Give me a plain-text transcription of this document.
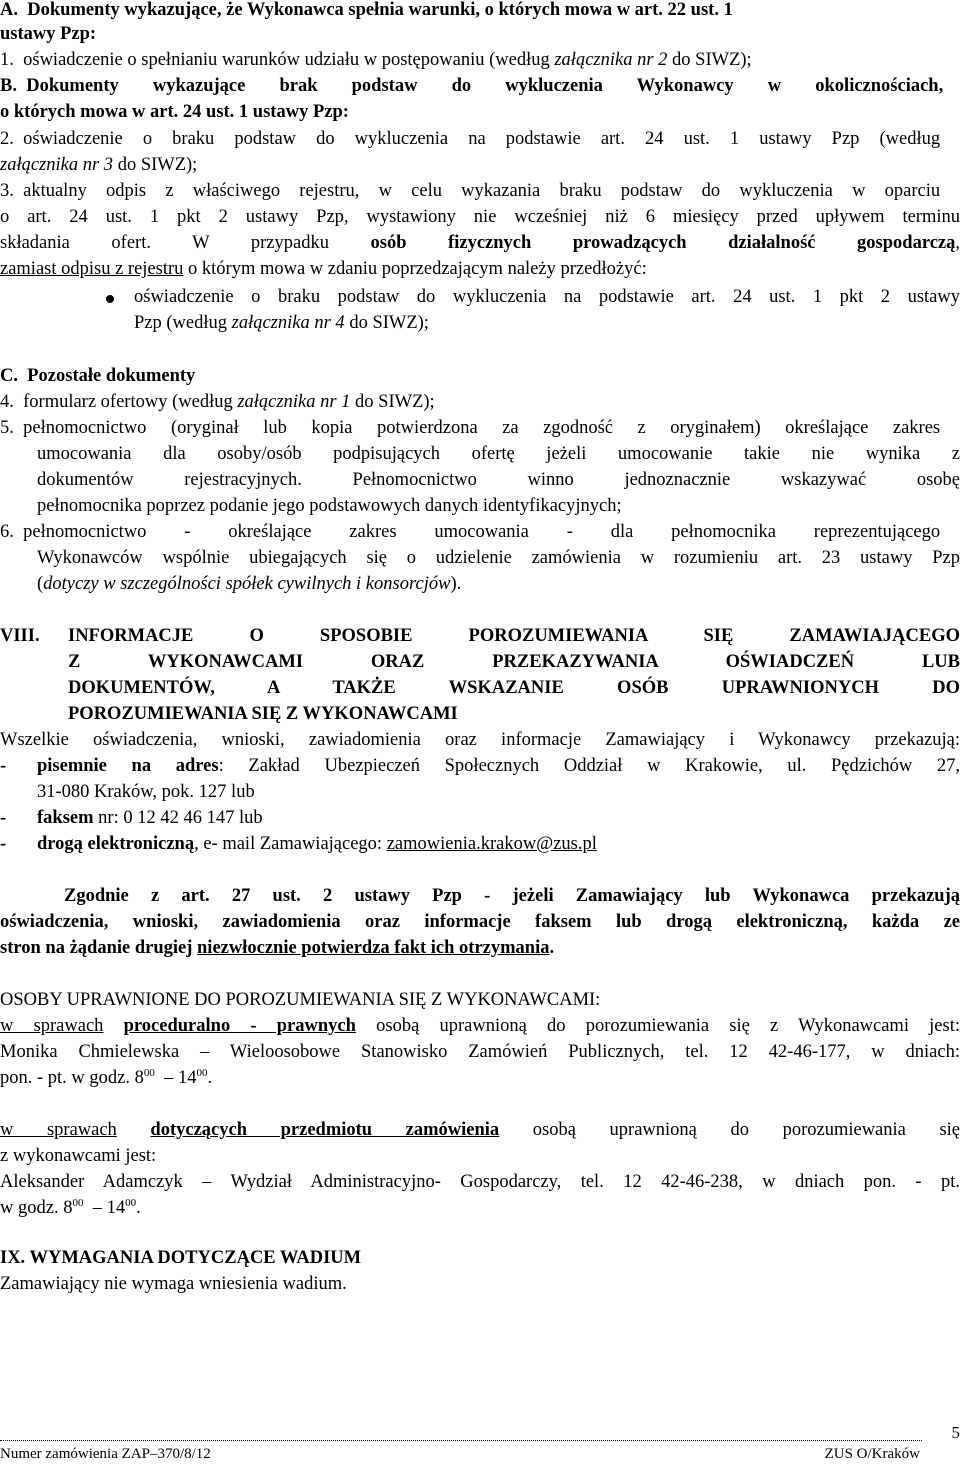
A. Dokumenty wykazujące, że Wykonawca spełnia warunki, o których mowa w art. 22 ust. 1
ustawy Pzp:
1. oświadczenie o spełnianiu warunków udziału w postępowaniu (według załącznika nr 2 do SIWZ);
B. Dokumenty wykazujące brak podstaw do wykluczenia Wykonawcy w okolicznościach,
o których mowa w art. 24 ust. 1 ustawy Pzp:
2. oświadczenie o braku podstaw do wykluczenia na podstawie art. 24 ust. 1 ustawy Pzp (według
załącznika nr 3 do SIWZ);
3. aktualny odpis z właściwego rejestru, w celu wykazania braku podstaw do wykluczenia w oparciu
o art. 24 ust. 1 pkt 2 ustawy Pzp, wystawiony nie wcześniej niż 6 miesięcy przed upływem terminu
składania ofert. W przypadku osób fizycznych prowadzących działalność gospodarczą,
zamiast odpisu z rejestru o którym mowa w zdaniu poprzedzającym należy przedłożyć:
oświadczenie o braku podstaw do wykluczenia na podstawie art. 24 ust. 1 pkt 2 ustawy
Pzp (według załącznika nr 4 do SIWZ);
C. Pozostałe dokumenty
4. formularz ofertowy (według załącznika nr 1 do SIWZ);
5. pełnomocnictwo (oryginał lub kopia potwierdzona za zgodność z oryginałem) określające zakres
umocowania dla osoby/osób podpisujących ofertę jeżeli umocowanie takie nie wynika z
dokumentów rejestracyjnych. Pełnomocnictwo winno jednoznacznie wskazywać osobę
pełnomocnika poprzez podanie jego podstawowych danych identyfikacyjnych;
6. pełnomocnictwo - określające zakres umocowania - dla pełnomocnika reprezentującego
Wykonawców wspólnie ubiegających się o udzielenie zamówienia w rozumieniu art. 23 ustawy Pzp
(dotyczy w szczególności spółek cywilnych i konsorcjów).
VIII.	INFORMACJE O SPOSOBIE POROZUMIEWANIA SIĘ ZAMAWIAJĄCEGO
Z WYKONAWCAMI ORAZ PRZEKAZYWANIA OŚWIADCZEŃ LUB
DOKUMENTÓW, A TAKŻE WSKAZANIE OSÓB UPRAWNIONYCH DO
POROZUMIEWANIA SIĘ Z WYKONAWCAMI
Wszelkie oświadczenia, wnioski, zawiadomienia oraz informacje Zamawiający i Wykonawcy przekazują:
-	pisemnie na adres: Zakład Ubezpieczeń Społecznych Oddział w Krakowie, ul. Pędzichów 27,
31-080 Kraków, pok. 127 lub
-	faksem nr: 0 12 42 46 147 lub
-	drogą elektroniczną, e- mail Zamawiającego: zamowienia.krakow@zus.pl
Zgodnie z art. 27 ust. 2 ustawy Pzp - jeżeli Zamawiający lub Wykonawca przekazują
oświadczenia, wnioski, zawiadomienia oraz informacje faksem lub drogą elektroniczną, każda ze
stron na żądanie drugiej niezwłocznie potwierdza fakt ich otrzymania.
OSOBY UPRAWNIONE DO POROZUMIEWANIA SIĘ Z WYKONAWCAMI:
w sprawach proceduralno - prawnych osobą uprawnioną do porozumiewania się z Wykonawcami jest:
Monika Chmielewska – Wieloosobowe Stanowisko Zamówień Publicznych, tel. 12 42-46-177, w dniach:
pon. - pt. w godz. $8^{00} - 14^{00}$.
w sprawach dotyczących przedmiotu zamówienia osobą uprawnioną do porozumiewania się
z wykonawcami jest:
Aleksander Adamczyk – Wydział Administracyjno- Gospodarczy, tel. 12 42-46-238, w dniach pon. - pt.
w godz. $8^{00} - 14^{00}$.
IX. WYMAGANIA DOTYCZĄCE WADIUM
Zamawiający nie wymaga wniesienia wadium.
5
Numer zamówienia ZAP–370/8/12	ZUS O/Kraków
